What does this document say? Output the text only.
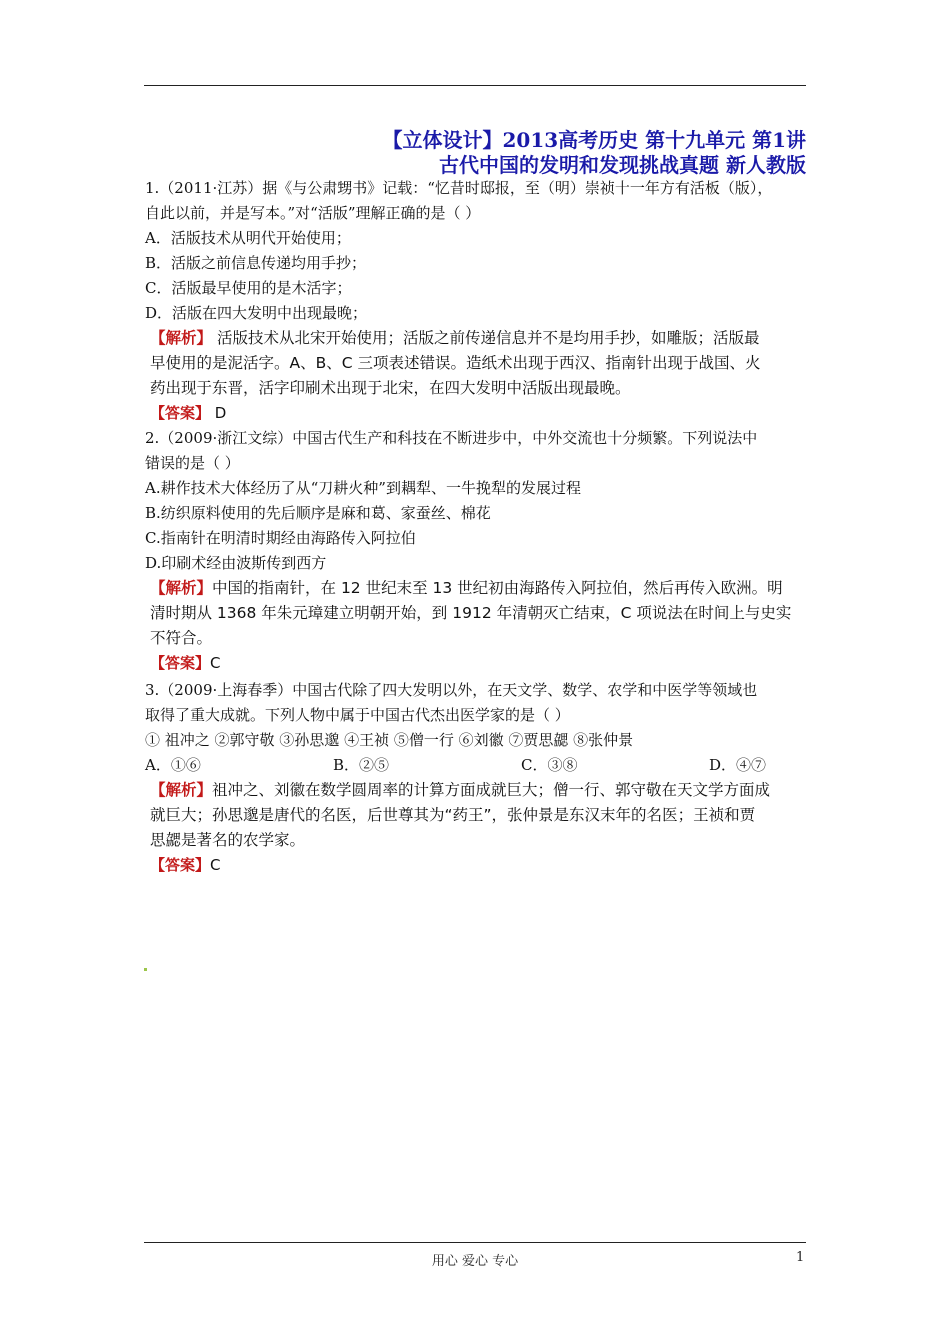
【立体设计】2013高考历史 第十九单元 第1讲
古代中国的发明和发现挑战真题 新人教版

1.（2011·江苏）据《与公肃甥书》记载：“忆昔时邸报，至（明）崇祯十一年方有活板（版），

自此以前，并是写本。”对“活版”理解正确的是（ ）

A．活版技术从明代开始使用；

B．活版之前信息传递均用手抄；

C．活版最早使用的是木活字；

D．活版在四大发明中出现最晚；

【解析】 活版技术从北宋开始使用；活版之前传递信息并不是均用手抄，如雕版；活版最

早使用的是泥活字。A、B、C 三项表述错误。造纸术出现于西汉、指南针出现于战国、火

药出现于东晋，活字印刷术出现于北宋，在四大发明中活版出现最晚。

【答案】 D

2.（2009·浙江文综）中国古代生产和科技在不断进步中，中外交流也十分频繁。下列说法中

错误的是（ ）

A.耕作技术大体经历了从“刀耕火种”到耦犁、一牛挽犁的发展过程

B.纺织原料使用的先后顺序是麻和葛、家蚕丝、棉花

C.指南针在明清时期经由海路传入阿拉伯

D.印刷术经由波斯传到西方

【解析】中国的指南针，在 12 世纪末至 13 世纪初由海路传入阿拉伯，然后再传入欧洲。明

清时期从 1368 年朱元璋建立明朝开始，到 1912 年清朝灭亡结束，C 项说法在时间上与史实

不符合。

【答案】C

3.（2009·上海春季）中国古代除了四大发明以外，在天文学、数学、农学和中医学等领域也

取得了重大成就。下列人物中属于中国古代杰出医学家的是（ ）

① 祖冲之 ②郭守敬 ③孙思邈 ④王祯 ⑤僧一行 ⑥刘徽 ⑦贾思勰 ⑧张仲景

A．①⑥	B．②⑤	C．③⑧	D．④⑦

【解析】祖冲之、刘徽在数学圆周率的计算方面成就巨大；僧一行、郭守敬在天文学方面成

就巨大；孙思邈是唐代的名医，后世尊其为“药王”，张仲景是东汉末年的名医；王祯和贾

思勰是著名的农学家。

【答案】C

用心 爱心 专心	1
